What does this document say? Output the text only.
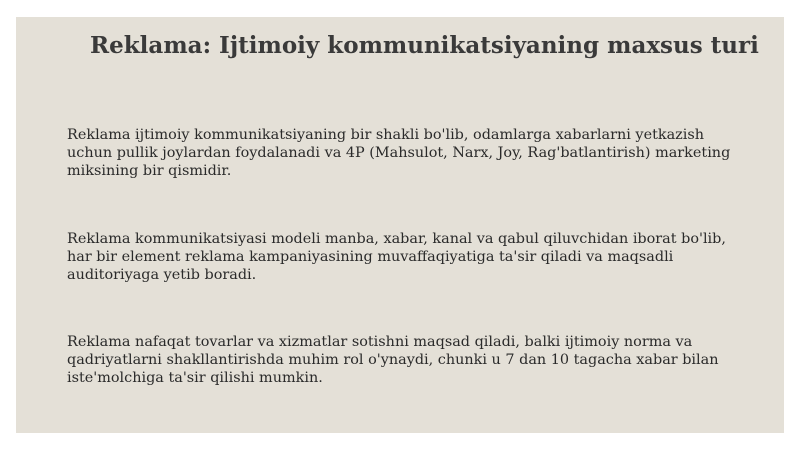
Reklama: Ijtimoiy kommunikatsiyaning maxsus turi
Reklama ijtimoiy kommunikatsiyaning bir shakli bo'lib, odamlarga xabarlarni yetkazish uchun pullik joylardan foydalanadi va 4P (Mahsulot, Narx, Joy, Rag'batlantirish) marketing miksining bir qismidir.
Reklama kommunikatsiyasi modeli manba, xabar, kanal va qabul qiluvchidan iborat bo'lib, har bir element reklama kampaniyasining muvaffaqiyatiga ta'sir qiladi va maqsadli auditoriyaga yetib boradi.
Reklama nafaqat tovarlar va xizmatlar sotishni maqsad qiladi, balki ijtimoiy norma va qadriyatlarni shakllantirishda muhim rol o'ynaydi, chunki u 7 dan 10 tagacha xabar bilan iste'molchiga ta'sir qilishi mumkin.
